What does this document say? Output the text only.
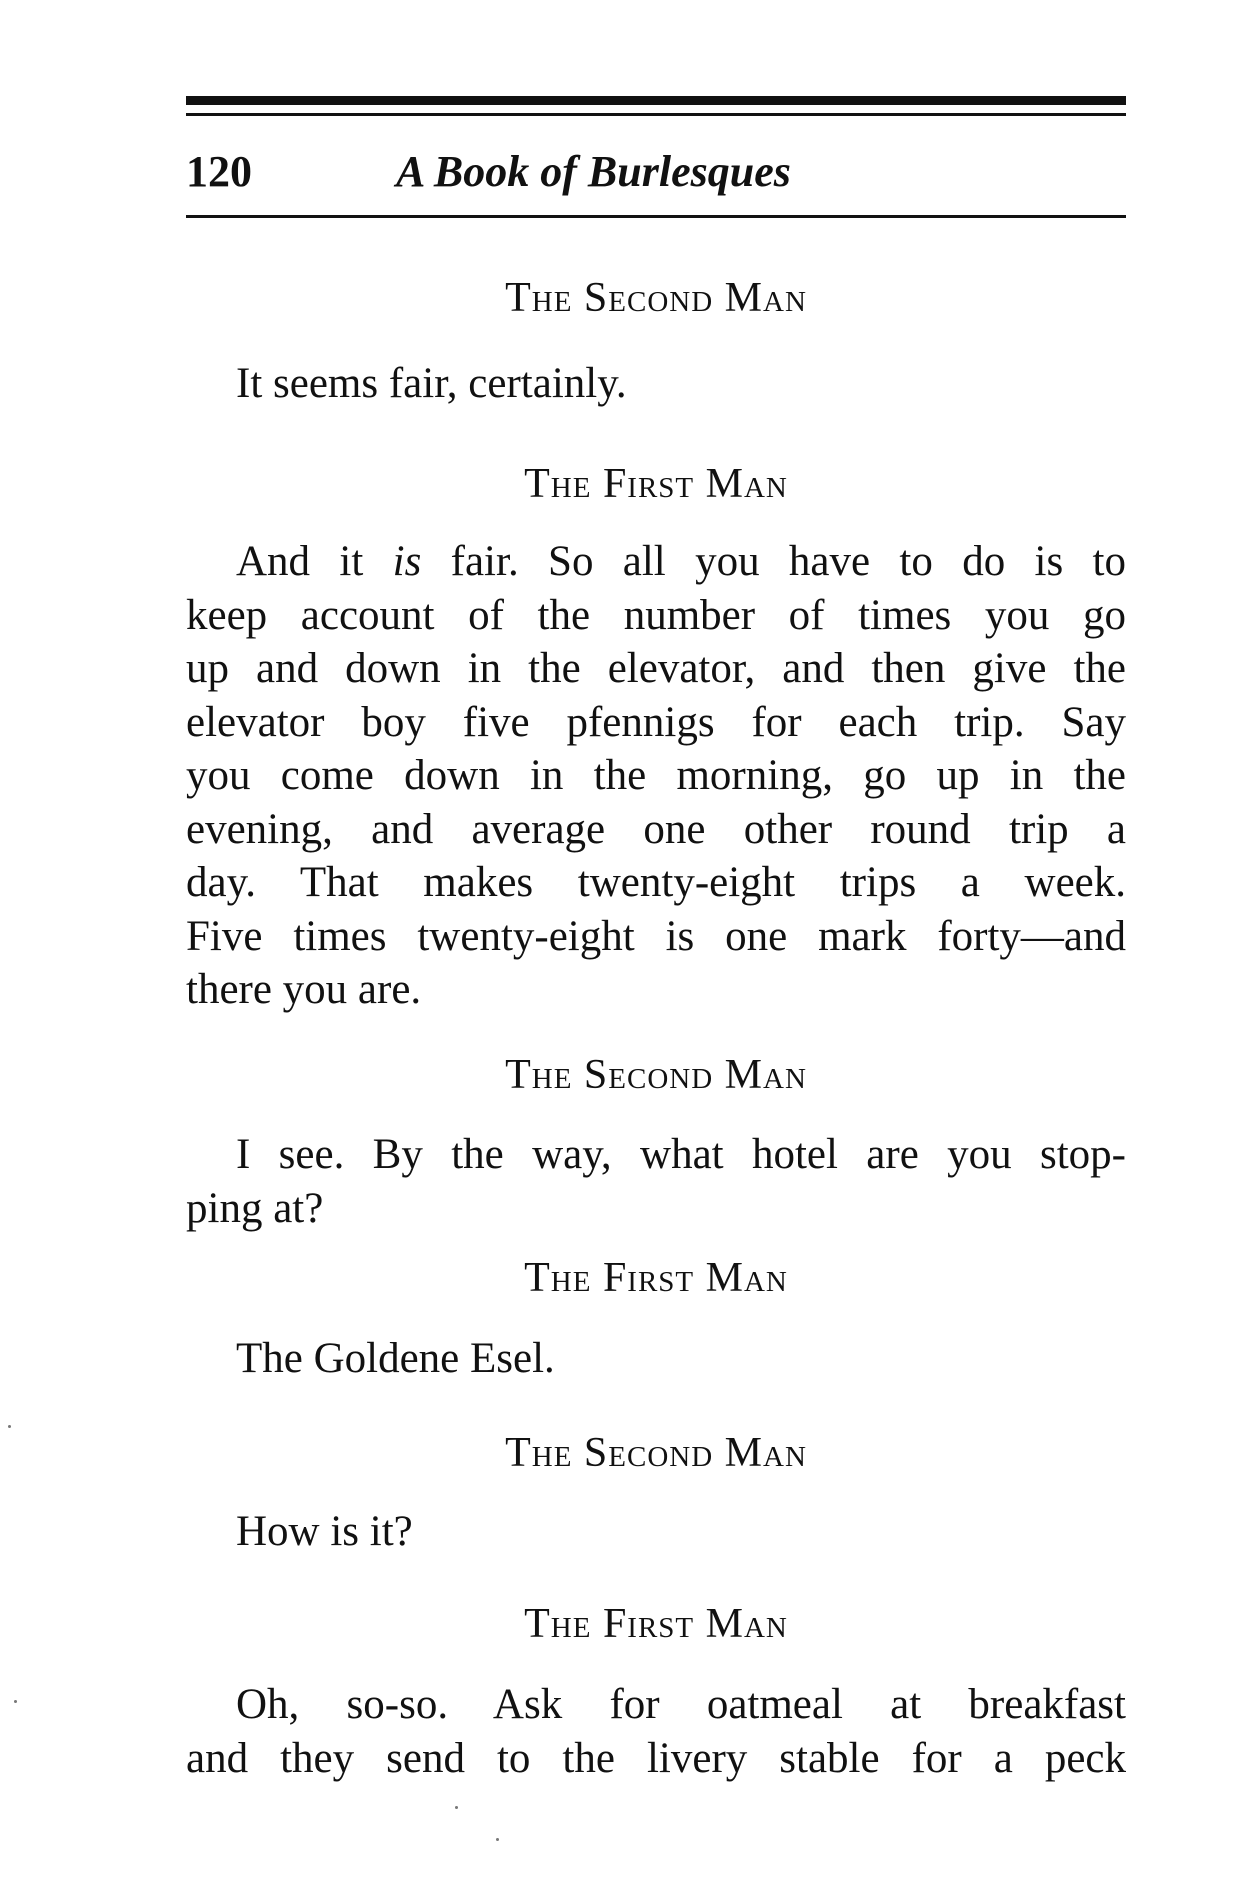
120	A Book of Burlesques
The Second Man
It seems fair, certainly.
The First Man
And it is fair. So all you have to do is to
keep account of the number of times you go
up and down in the elevator, and then give the
elevator boy five pfennigs for each trip. Say
you come down in the morning, go up in the
evening, and average one other round trip a
day. That makes twenty-eight trips a week.
Five times twenty-eight is one mark forty—and
there you are.
The Second Man
I see. By the way, what hotel are you stop-
ping at?
The First Man
The Goldene Esel.
The Second Man
How is it?
The First Man
Oh, so-so. Ask for oatmeal at breakfast
and they send to the livery stable for a peck
